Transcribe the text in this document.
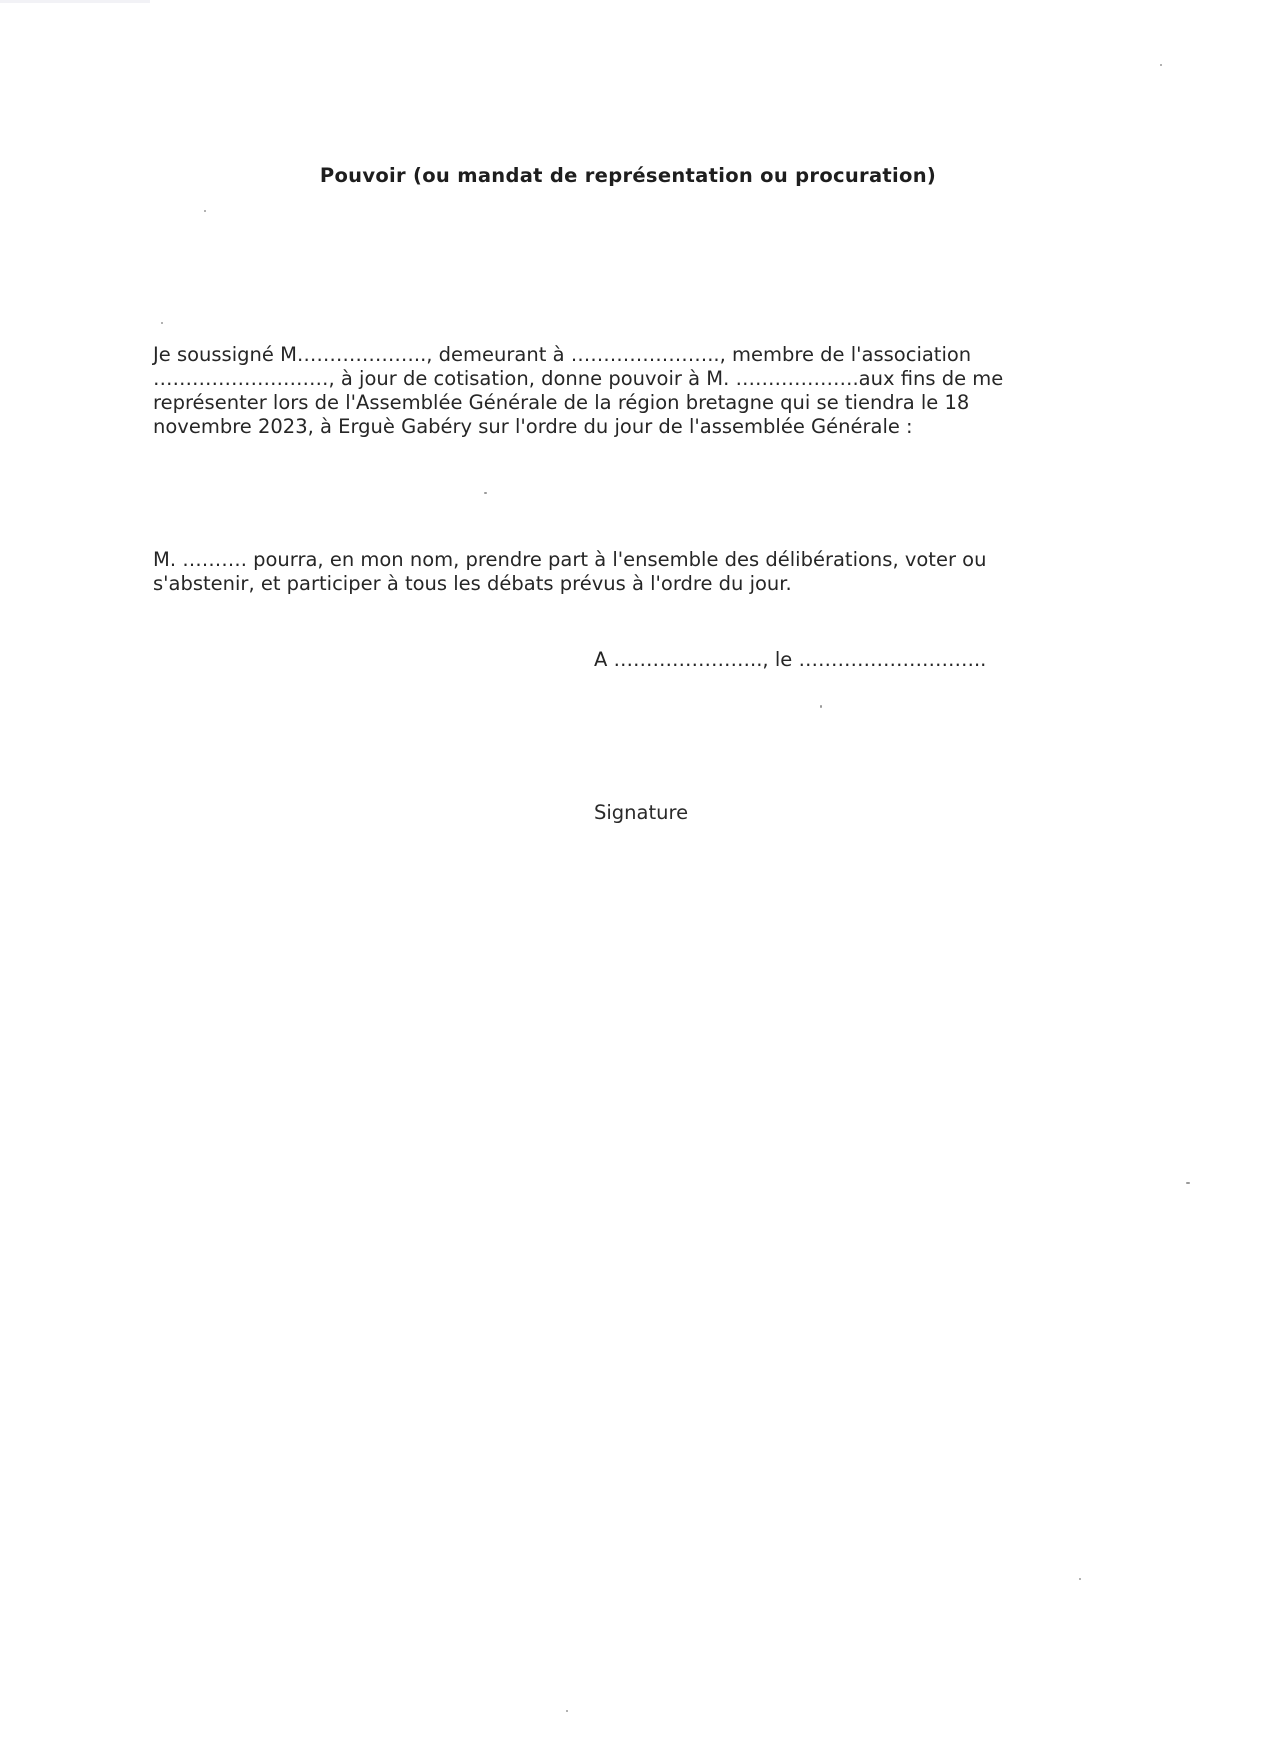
Pouvoir (ou mandat de représentation ou procuration)
Je soussigné M……………….., demeurant à ………………….., membre de l'association
………………………, à jour de cotisation, donne pouvoir à M. ……………….aux fins de me
représenter lors de l'Assemblée Générale de la région bretagne qui se tiendra le 18
novembre 2023, à Erguè Gabéry sur l'ordre du jour de l'assemblée Générale :
M. ………. pourra, en mon nom, prendre part à l'ensemble des délibérations, voter ou
s'abstenir, et participer à tous les débats prévus à l'ordre du jour.
A ………………….., le ………………………..
Signature
